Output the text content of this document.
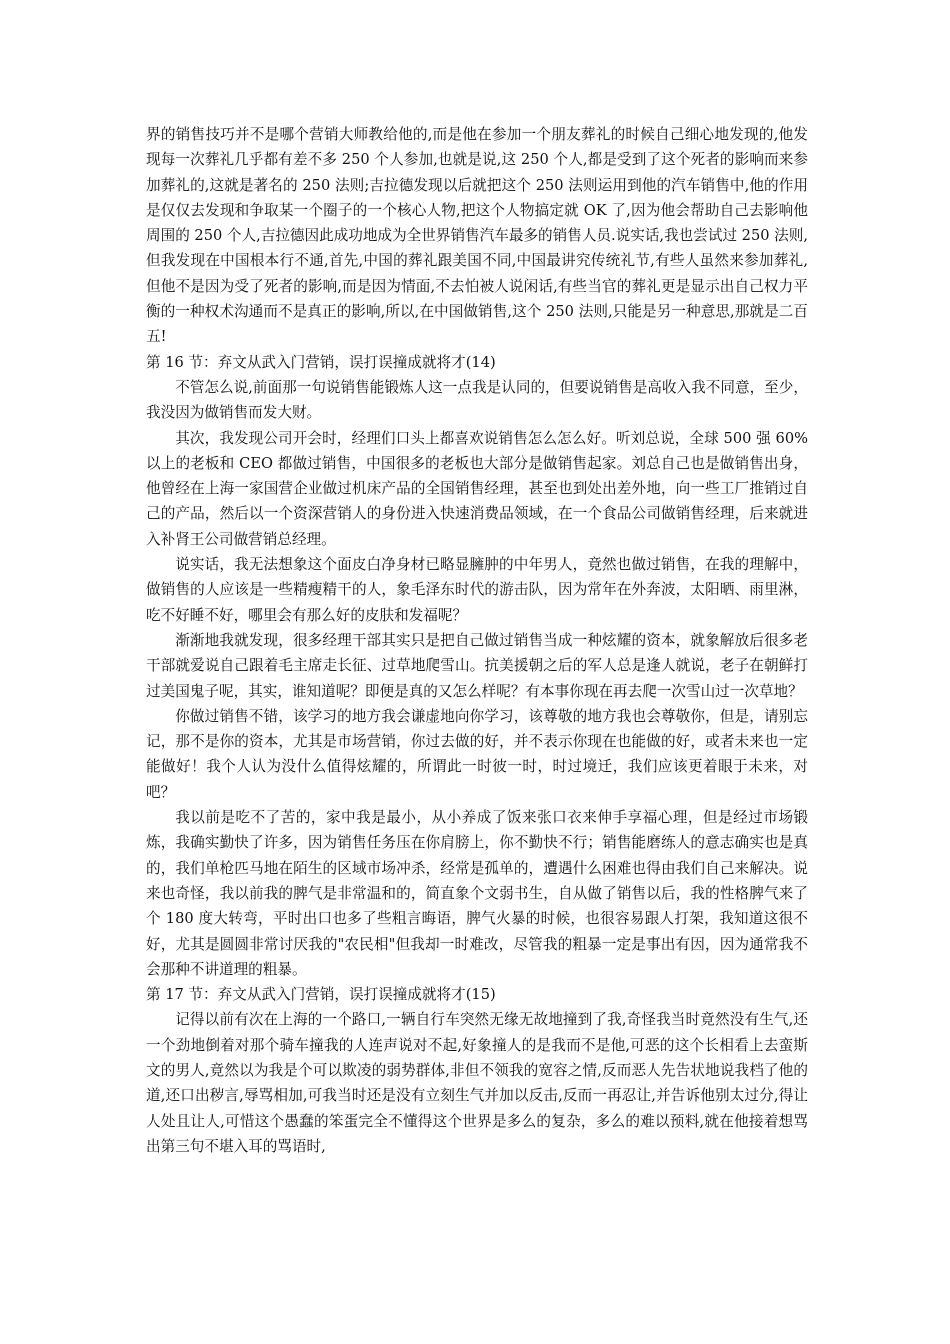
界的销售技巧并不是哪个营销大师教给他的,而是他在参加一个朋友葬礼的时候自己细心地发现的,他发现每一次葬礼几乎都有差不多 250 个人参加,也就是说,这 250 个人,都是受到了这个死者的影响而来参加葬礼的,这就是著名的 250 法则;吉拉德发现以后就把这个 250 法则运用到他的汽车销售中,他的作用是仅仅去发现和争取某一个圈子的一个核心人物,把这个人物搞定就 OK 了,因为他会帮助自己去影响他周围的 250 个人,吉拉德因此成功地成为全世界销售汽车最多的销售人员.说实话,我也尝试过 250 法则,但我发现在中国根本行不通,首先,中国的葬礼跟美国不同,中国最讲究传统礼节,有些人虽然来参加葬礼,但他不是因为受了死者的影响,而是因为情面,不去怕被人说闲话,有些当官的葬礼更是显示出自己权力平衡的一种权术沟通而不是真正的影响,所以,在中国做销售,这个 250 法则,只能是另一种意思,那就是二百五!

第 16 节：弃文从武入门营销，误打误撞成就将才(14)

不管怎么说,前面那一句说销售能锻炼人这一点我是认同的，但要说销售是高收入我不同意，至少，我没因为做销售而发大财。

其次，我发现公司开会时，经理们口头上都喜欢说销售怎么怎么好。听刘总说，全球 500 强 60%以上的老板和 CEO 都做过销售，中国很多的老板也大部分是做销售起家。刘总自己也是做销售出身，他曾经在上海一家国营企业做过机床产品的全国销售经理，甚至也到处出差外地，向一些工厂推销过自己的产品，然后以一个资深营销人的身份进入快速消费品领域，在一个食品公司做销售经理，后来就进入补肾王公司做营销总经理。

说实话，我无法想象这个面皮白净身材已略显臃肿的中年男人，竟然也做过销售，在我的理解中，做销售的人应该是一些精瘦精干的人，象毛泽东时代的游击队，因为常年在外奔波，太阳晒、雨里淋，吃不好睡不好，哪里会有那么好的皮肤和发福呢？

渐渐地我就发现，很多经理干部其实只是把自己做过销售当成一种炫耀的资本，就象解放后很多老干部就爱说自己跟着毛主席走长征、过草地爬雪山。抗美援朝之后的军人总是逢人就说，老子在朝鲜打过美国鬼子呢，其实，谁知道呢？即便是真的又怎么样呢？有本事你现在再去爬一次雪山过一次草地？

你做过销售不错，该学习的地方我会谦虚地向你学习，该尊敬的地方我也会尊敬你，但是，请别忘记，那不是你的资本，尤其是市场营销，你过去做的好，并不表示你现在也能做的好，或者未来也一定能做好！我个人认为没什么值得炫耀的，所谓此一时彼一时，时过境迁，我们应该更着眼于未来，对吧？

我以前是吃不了苦的，家中我是最小，从小养成了饭来张口衣来伸手享福心理，但是经过市场锻炼，我确实勤快了许多，因为销售任务压在你肩膀上，你不勤快不行；销售能磨练人的意志确实也是真的，我们单枪匹马地在陌生的区域市场冲杀，经常是孤单的，遭遇什么困难也得由我们自己来解决。说来也奇怪，我以前我的脾气是非常温和的，简直象个文弱书生，自从做了销售以后，我的性格脾气来了个 180 度大转弯，平时出口也多了些粗言晦语，脾气火暴的时候，也很容易跟人打架，我知道这很不好，尤其是圆圆非常讨厌我的"农民相"但我却一时难改，尽管我的粗暴一定是事出有因，因为通常我不会那种不讲道理的粗暴。

第 17 节：弃文从武入门营销，误打误撞成就将才(15)

记得以前有次在上海的一个路口,一辆自行车突然无缘无故地撞到了我,奇怪我当时竟然没有生气,还一个劲地倒着对那个骑车撞我的人连声说对不起,好象撞人的是我而不是他,可恶的这个长相看上去蛮斯文的男人,竟然以为我是个可以欺凌的弱势群体,非但不领我的宽容之情,反而恶人先告状地说我档了他的道,还口出秽言,辱骂相加,可我当时还是没有立刻生气并加以反击,反而一再忍让,并告诉他别太过分,得让人处且让人,可惜这个愚蠢的笨蛋完全不懂得这个世界是多么的复杂，多么的难以预料,就在他接着想骂出第三句不堪入耳的骂语时,
